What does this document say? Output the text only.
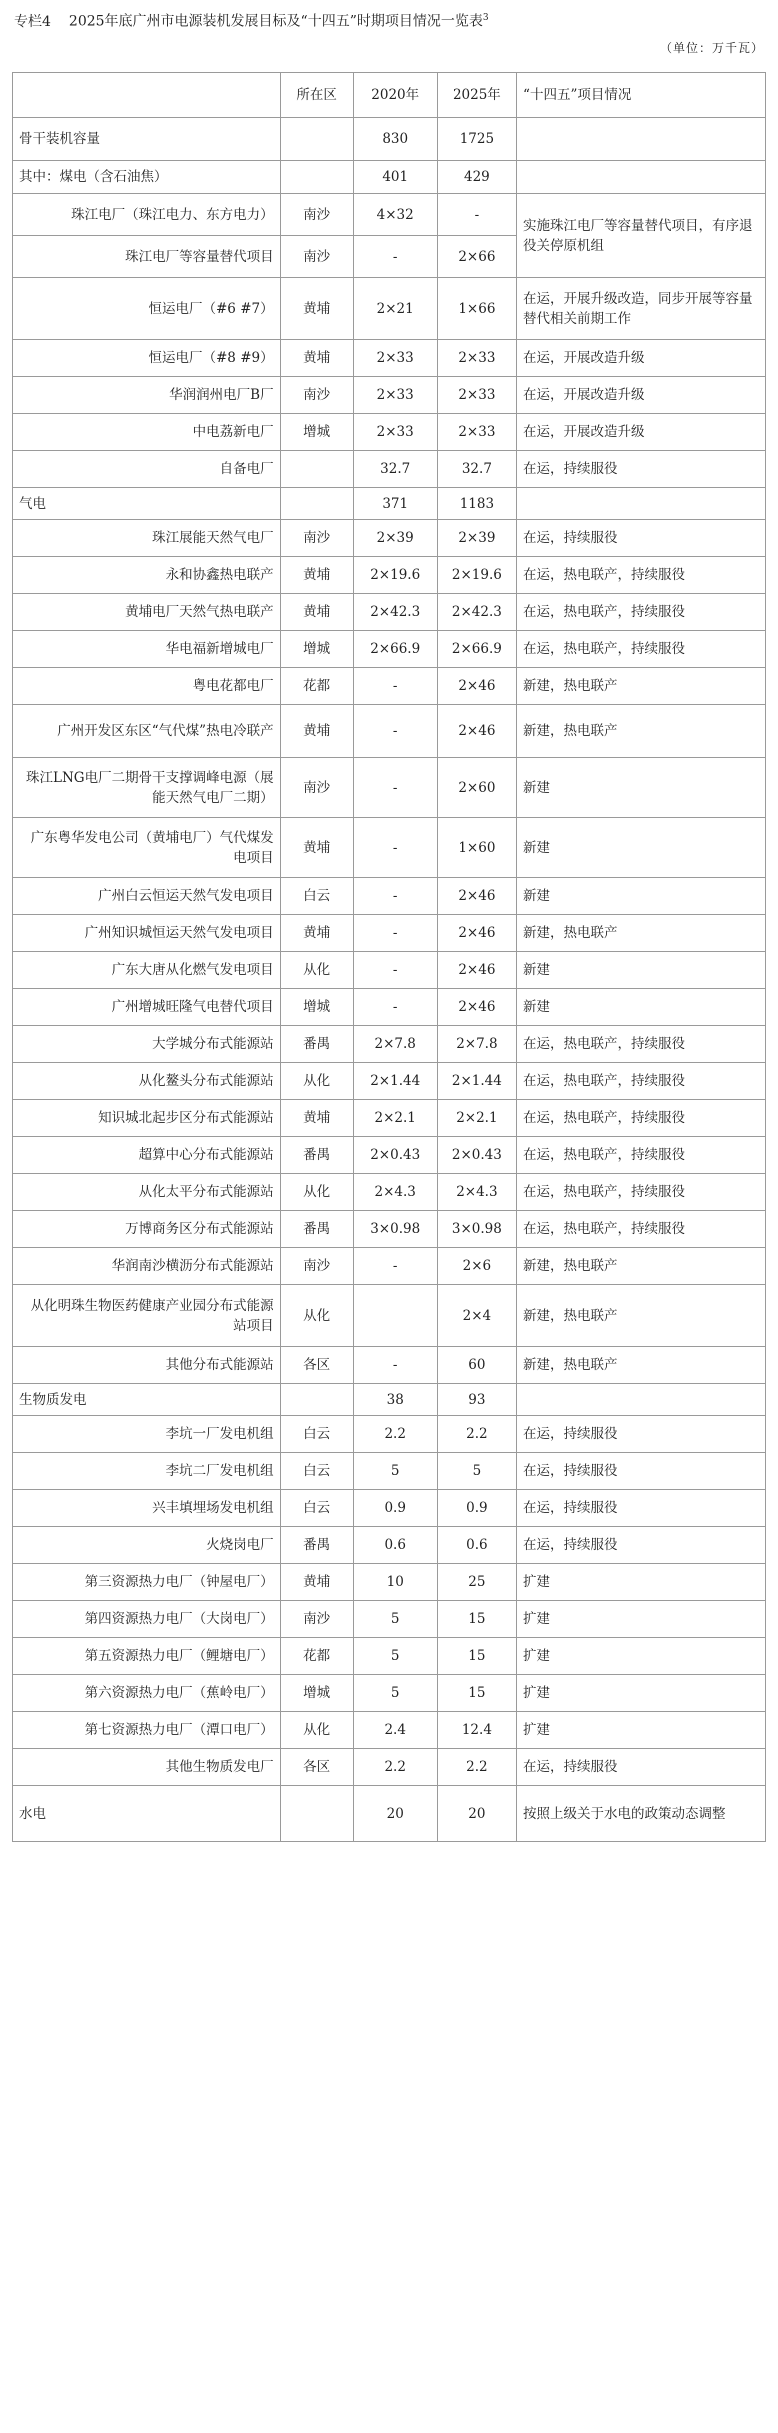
专栏4 2025年底广州市电源装机发展目标及“十四五”时期项目情况一览表$^3$
（单位：万千瓦）
	所在区	2020年	2025年	“十四五”项目情况
骨干装机容量		830	1725	
其中：煤电（含石油焦）		401	429	
珠江电厂（珠江电力、东方电力）	南沙	4×32	-	实施珠江电厂等容量替代项目，有序退役关停原机组
珠江电厂等容量替代项目	南沙	-	2×66	
恒运电厂（#6 #7）	黄埔	2×21	1×66	在运，开展升级改造，同步开展等容量替代相关前期工作
恒运电厂（#8 #9）	黄埔	2×33	2×33	在运，开展改造升级
华润润州电厂B厂	南沙	2×33	2×33	在运，开展改造升级
中电荔新电厂	增城	2×33	2×33	在运，开展改造升级
自备电厂		32.7	32.7	在运，持续服役
气电		371	1183	
珠江展能天然气电厂	南沙	2×39	2×39	在运，持续服役
永和协鑫热电联产	黄埔	2×19.6	2×19.6	在运，热电联产，持续服役
黄埔电厂天然气热电联产	黄埔	2×42.3	2×42.3	在运，热电联产，持续服役
华电福新增城电厂	增城	2×66.9	2×66.9	在运，热电联产，持续服役
粤电花都电厂	花都	-	2×46	新建，热电联产
广州开发区东区“气代煤”热电冷联产	黄埔	-	2×46	新建，热电联产
珠江LNG电厂二期骨干支撑调峰电源（展能天然气电厂二期）	南沙	-	2×60	新建
广东粤华发电公司（黄埔电厂）气代煤发电项目	黄埔	-	1×60	新建
广州白云恒运天然气发电项目	白云	-	2×46	新建
广州知识城恒运天然气发电项目	黄埔	-	2×46	新建，热电联产
广东大唐从化燃气发电项目	从化	-	2×46	新建
广州增城旺隆气电替代项目	增城	-	2×46	新建
大学城分布式能源站	番禺	2×7.8	2×7.8	在运，热电联产，持续服役
从化鳌头分布式能源站	从化	2×1.44	2×1.44	在运，热电联产，持续服役
知识城北起步区分布式能源站	黄埔	2×2.1	2×2.1	在运，热电联产，持续服役
超算中心分布式能源站	番禺	2×0.43	2×0.43	在运，热电联产，持续服役
从化太平分布式能源站	从化	2×4.3	2×4.3	在运，热电联产，持续服役
万博商务区分布式能源站	番禺	3×0.98	3×0.98	在运，热电联产，持续服役
华润南沙横沥分布式能源站	南沙	-	2×6	新建，热电联产
从化明珠生物医药健康产业园分布式能源站项目	从化		2×4	新建，热电联产
其他分布式能源站	各区	-	60	新建，热电联产
生物质发电		38	93	
李坑一厂发电机组	白云	2.2	2.2	在运，持续服役
李坑二厂发电机组	白云	5	5	在运，持续服役
兴丰填埋场发电机组	白云	0.9	0.9	在运，持续服役
火烧岗电厂	番禺	0.6	0.6	在运，持续服役
第三资源热力电厂（钟屋电厂）	黄埔	10	25	扩建
第四资源热力电厂（大岗电厂）	南沙	5	15	扩建
第五资源热力电厂（鲤塘电厂）	花都	5	15	扩建
第六资源热力电厂（蕉岭电厂）	增城	5	15	扩建
第七资源热力电厂（潭口电厂）	从化	2.4	12.4	扩建
其他生物质发电厂	各区	2.2	2.2	在运，持续服役
水电		20	20	按照上级关于水电的政策动态调整
